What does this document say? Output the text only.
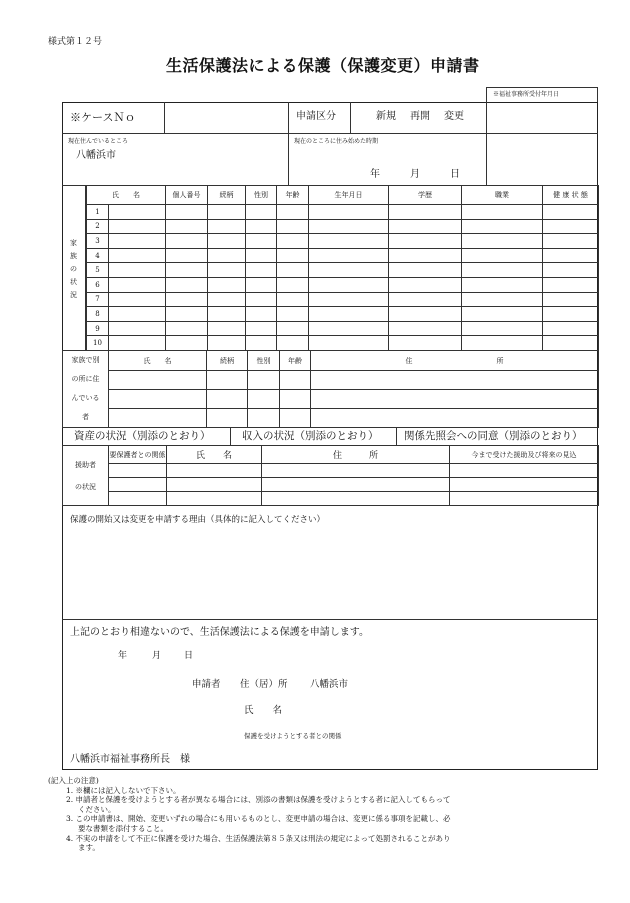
様式第１２号
生活保護法による保護（保護変更）申請書
※福祉事務所受付年月日
※ケースＮｏ	申請区分	新規 再開 変更
現在住んでいるところ
八幡浜市
現在のところに住み始めた時期
年	月	日
家
族
の
状
況
氏　　名		個人番号	続柄	性別	年齢	生年月日	学歴	職業	健 康 状 態
1									
2									
3									
4									
5									
6									
7									
8									
9									
10									
家族で別
の所に住
んでいる
者	氏　　名	続柄	性別	年齢	住　　　　　　　　　　　　所

資産の状況（別添のとおり）	収入の状況（別添のとおり） 関係先照会への同意（別添のとおり）
援助者
の状況	要保護者との関係	氏　　名	住　　　所	今まで受けた援助及び将来の見込

保護の開始又は変更を申請する理由（具体的に記入してください）
上記のとおり相違ないので、生活保護法による保護を申請します。
年	月	日
申請者 住（居）所 八幡浜市
氏　　名
保護を受けようとする者との関係
八幡浜市福祉事務所長　様
(記入上の注意)
1. ※欄には記入しないで下さい。
2. 申請者と保護を受けようとする者が異なる場合には、別添の書類は保護を受けようとする者に記入してもらって
ください。
3. この申請書は、開始、変更いずれの場合にも用いるものとし、変更申請の場合は、変更に係る事項を記載し、必
要な書類を添付すること。
4. 不実の申請をして不正に保護を受けた場合、生活保護法第８５条又は刑法の規定によって処罰されることがあり
ます。
